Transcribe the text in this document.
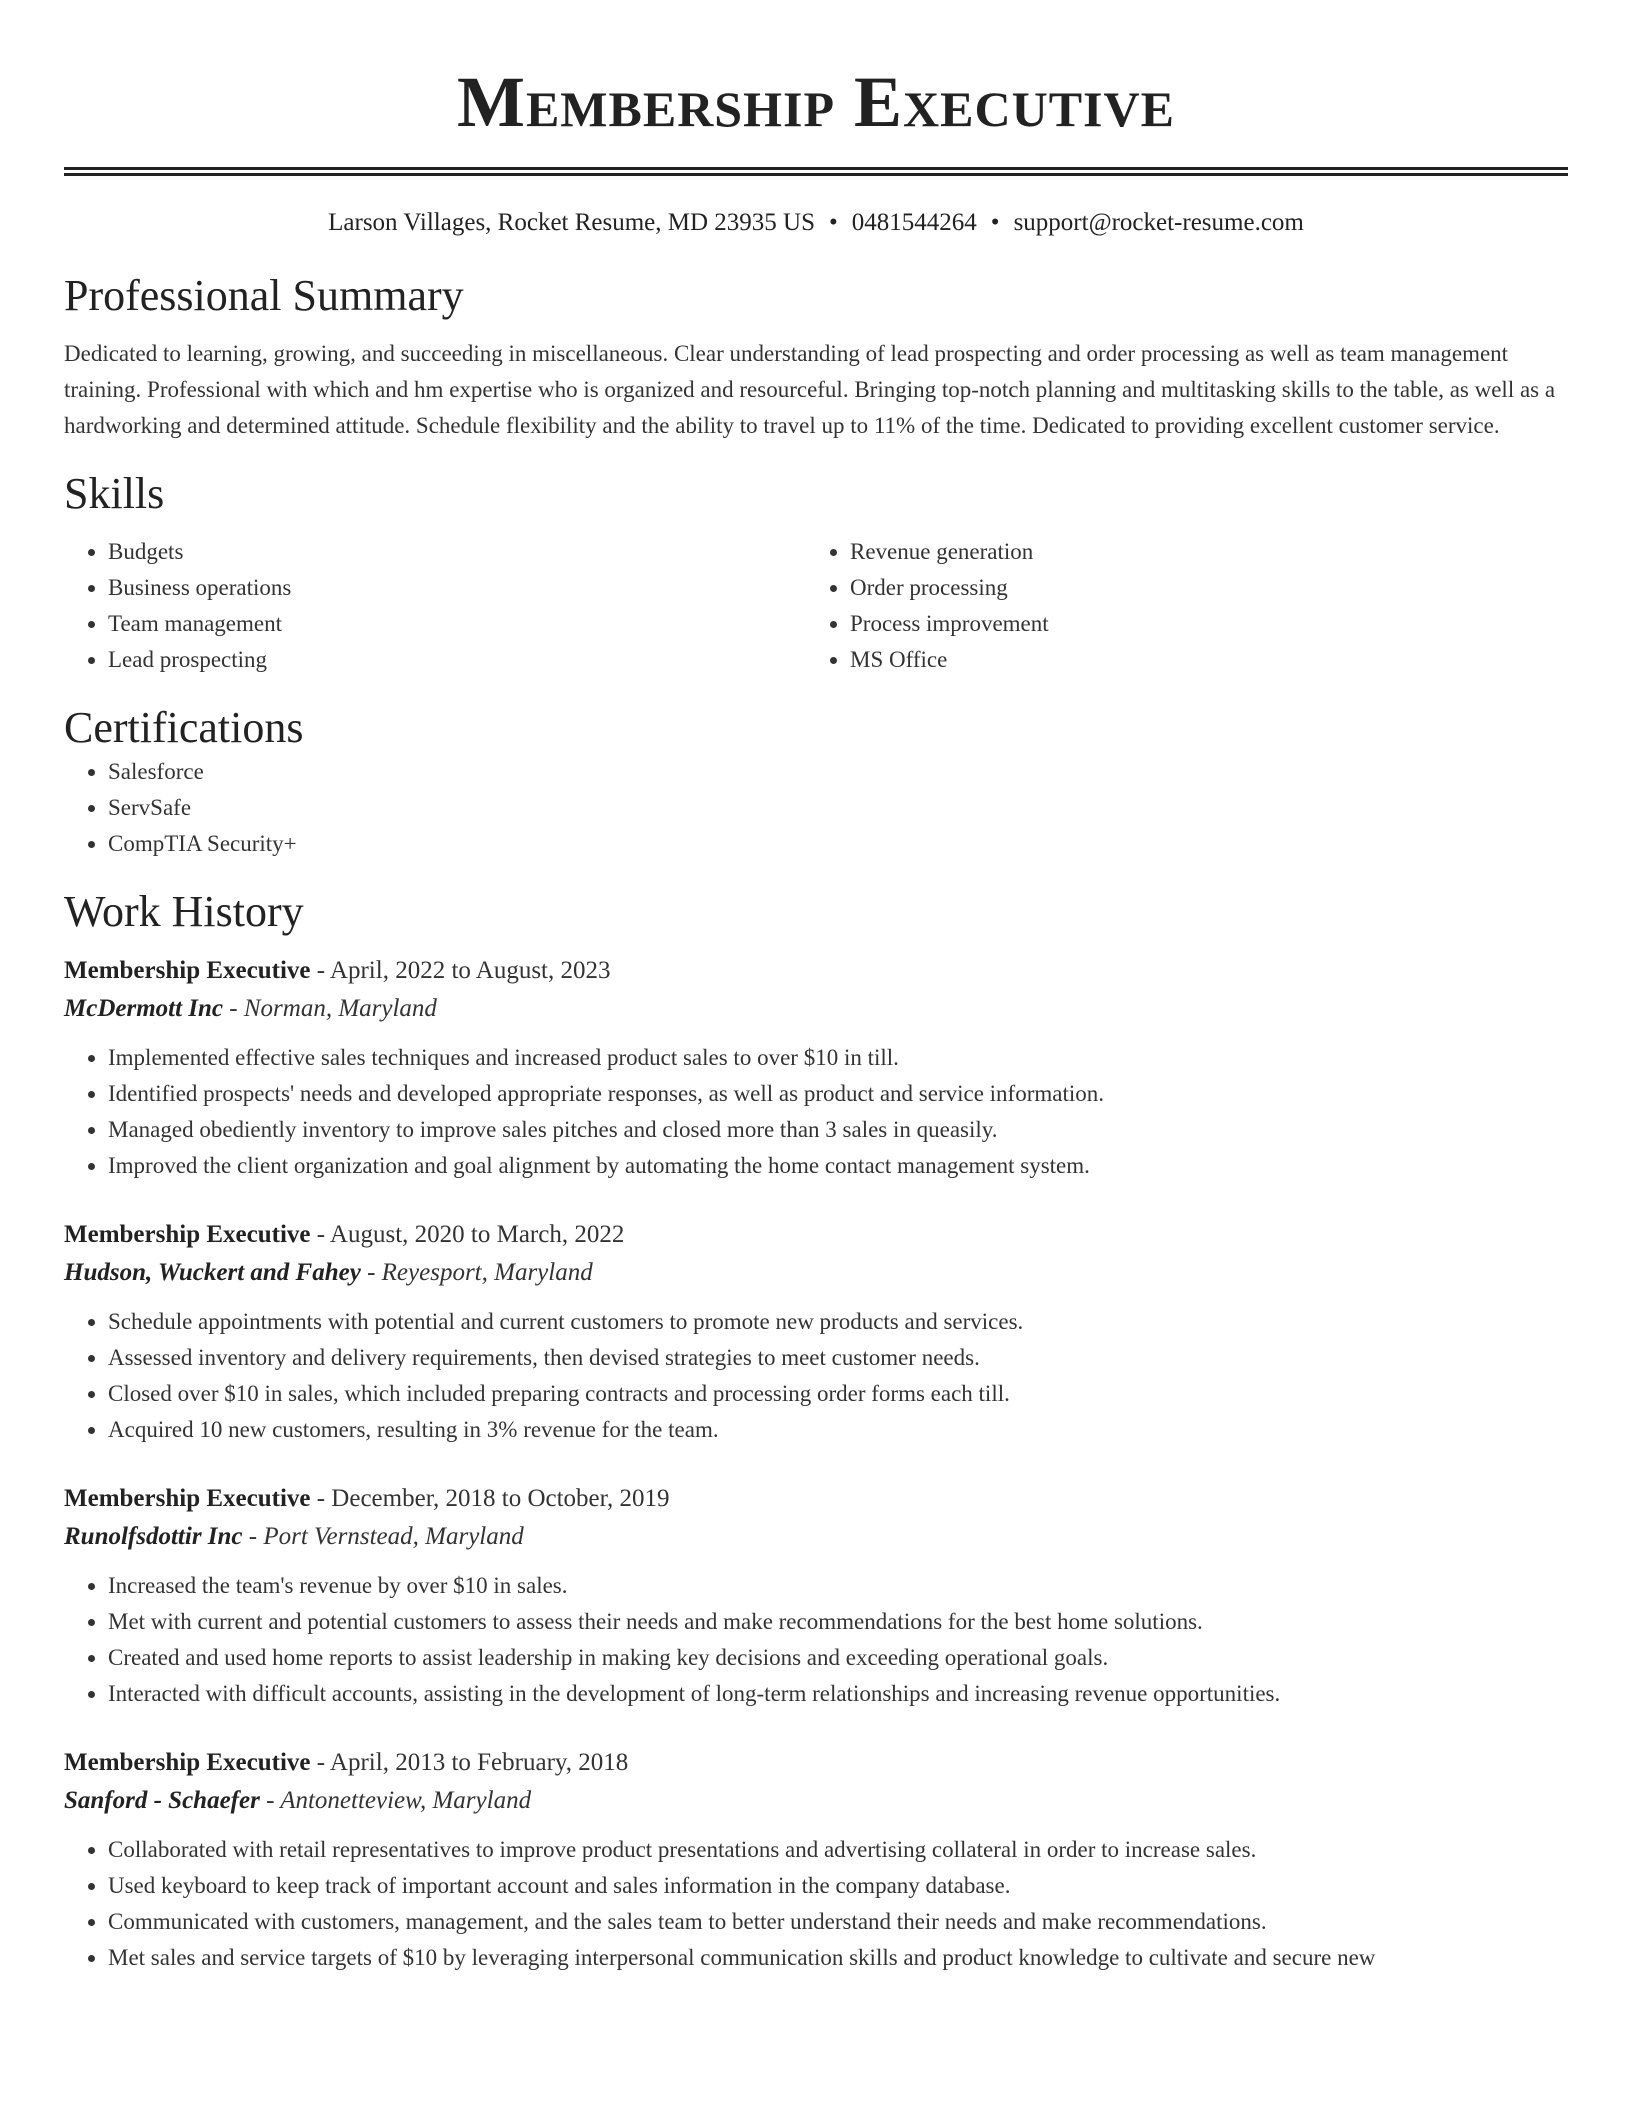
Membership Executive
Larson Villages, Rocket Resume, MD 23935 US • 0481544264 • support@rocket-resume.com
Professional Summary

Dedicated to learning, growing, and succeeding in miscellaneous. Clear understanding of lead prospecting and order processing as well as team management training. Professional with which and hm expertise who is organized and resourceful. Bringing top-notch planning and multitasking skills to the table, as well as a hardworking and determined attitude. Schedule flexibility and the ability to travel up to 11% of the time. Dedicated to providing excellent customer service.

Skills
• Budgets
• Business operations
• Team management
• Lead prospecting
• Revenue generation
• Order processing
• Process improvement
• MS Office
Certifications
• Salesforce
• ServSafe
• CompTIA Security+
Work History
Membership Executive - April, 2022 to August, 2023
McDermott Inc - Norman, Maryland
• Implemented effective sales techniques and increased product sales to over $10 in till.
• Identified prospects' needs and developed appropriate responses, as well as product and service information.
• Managed obediently inventory to improve sales pitches and closed more than 3 sales in queasily.
• Improved the client organization and goal alignment by automating the home contact management system.
Membership Executive - August, 2020 to March, 2022
Hudson, Wuckert and Fahey - Reyesport, Maryland
• Schedule appointments with potential and current customers to promote new products and services.
• Assessed inventory and delivery requirements, then devised strategies to meet customer needs.
• Closed over $10 in sales, which included preparing contracts and processing order forms each till.
• Acquired 10 new customers, resulting in 3% revenue for the team.
Membership Executive - December, 2018 to October, 2019
Runolfsdottir Inc - Port Vernstead, Maryland
• Increased the team's revenue by over $10 in sales.
• Met with current and potential customers to assess their needs and make recommendations for the best home solutions.
• Created and used home reports to assist leadership in making key decisions and exceeding operational goals.
• Interacted with difficult accounts, assisting in the development of long-term relationships and increasing revenue opportunities.
Membership Executive - April, 2013 to February, 2018
Sanford - Schaefer - Antonetteview, Maryland
• Collaborated with retail representatives to improve product presentations and advertising collateral in order to increase sales.
• Used keyboard to keep track of important account and sales information in the company database.
• Communicated with customers, management, and the sales team to better understand their needs and make recommendations.
• Met sales and service targets of $10 by leveraging interpersonal communication skills and product knowledge to cultivate and secure new
